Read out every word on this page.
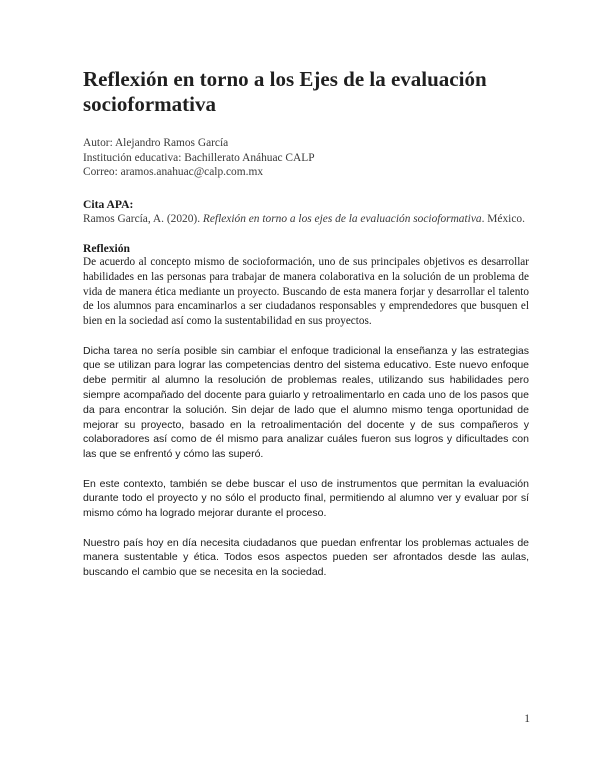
Reflexión en torno a los Ejes de la evaluación socioformativa
Autor: Alejandro Ramos García
Institución educativa: Bachillerato Anáhuac CALP
Correo: aramos.anahuac@calp.com.mx
Cita APA:
Ramos García, A. (2020). Reflexión en torno a los ejes de la evaluación socioformativa. México.
Reflexión

De acuerdo al concepto mismo de socioformación, uno de sus principales objetivos es desarrollar habilidades en las personas para trabajar de manera colaborativa en la solución de un problema de vida de manera ética mediante un proyecto. Buscando de esta manera forjar y desarrollar el talento de los alumnos para encaminarlos a ser ciudadanos responsables y emprendedores que busquen el bien en la sociedad así como la sustentabilidad en sus proyectos.

Dicha tarea no sería posible sin cambiar el enfoque tradicional la enseñanza y las estrategias que se utilizan para lograr las competencias dentro del sistema educativo. Este nuevo enfoque debe permitir al alumno la resolución de problemas reales, utilizando sus habilidades pero siempre acompañado del docente para guiarlo y retroalimentarlo en cada uno de los pasos que da para encontrar la solución. Sin dejar de lado que el alumno mismo tenga oportunidad de mejorar su proyecto, basado en la retroalimentación del docente y de sus compañeros y colaboradores así como de él mismo para analizar cuáles fueron sus logros y dificultades con las que se enfrentó y cómo las superó.

En este contexto, también se debe buscar el uso de instrumentos que permitan la evaluación durante todo el proyecto y no sólo el producto final, permitiendo al alumno ver y evaluar por sí mismo cómo ha logrado mejorar durante el proceso.

Nuestro país hoy en día necesita ciudadanos que puedan enfrentar los problemas actuales de manera sustentable y ética. Todos esos aspectos pueden ser afrontados desde las aulas, buscando el cambio que se necesita en la sociedad.

1
